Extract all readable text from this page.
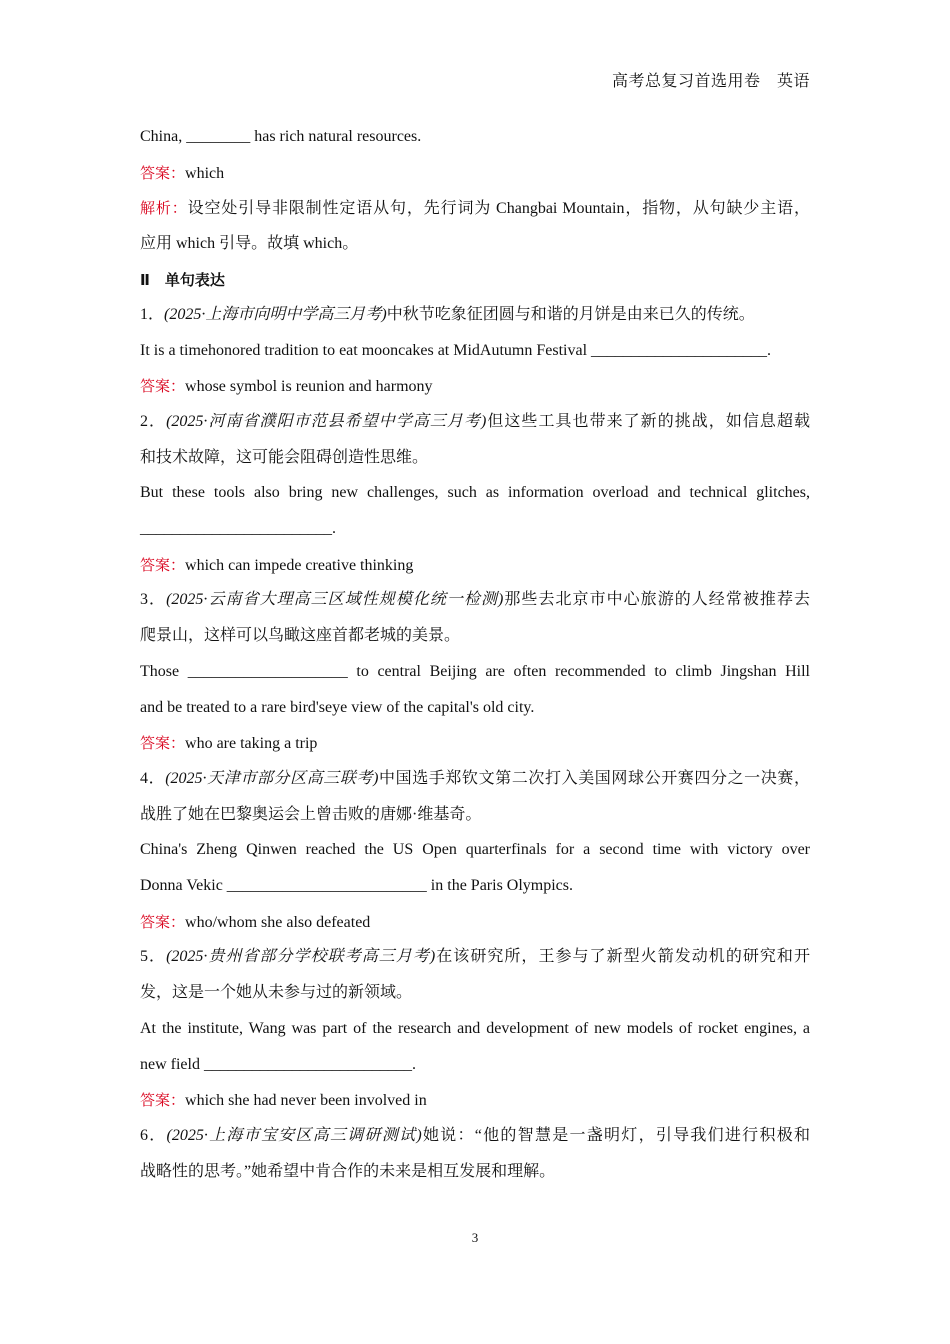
高考总复习首选用卷　英语
China, ________ has rich natural resources.
答案：which
解析：设空处引导非限制性定语从句，先行词为 Changbai Mountain，指物，从句缺少主语，
应用 which 引导。故填 which。
Ⅱ　单句表达
1．(2025·上海市向明中学高三月考)中秋节吃象征团圆与和谐的月饼是由来已久的传统。
It is a timehonored tradition to eat mooncakes at MidAutumn Festival ______________________.
答案：whose symbol is reunion and harmony
2．(2025·河南省濮阳市范县希望中学高三月考)但这些工具也带来了新的挑战，如信息超载
和技术故障，这可能会阻碍创造性思维。
But these tools also bring new challenges, such as information overload and technical glitches,
________________________.
答案：which can impede creative thinking
3．(2025·云南省大理高三区域性规模化统一检测)那些去北京市中心旅游的人经常被推荐去
爬景山，这样可以鸟瞰这座首都老城的美景。
Those ____________________ to central Beijing are often recommended to climb Jingshan Hill
and be treated to a rare bird'seye view of the capital's old city.
答案：who are taking a trip
4．(2025·天津市部分区高三联考)中国选手郑钦文第二次打入美国网球公开赛四分之一决赛，
战胜了她在巴黎奥运会上曾击败的唐娜·维基奇。
China's Zheng Qinwen reached the US Open quarterfinals for a second time with victory over
Donna Vekic _________________________ in the Paris Olympics.
答案：who/whom she also defeated
5．(2025·贵州省部分学校联考高三月考)在该研究所，王参与了新型火箭发动机的研究和开
发，这是一个她从未参与过的新领域。
At the institute, Wang was part of the research and development of new models of rocket engines, a
new field __________________________.
答案：which she had never been involved in
6．(2025·上海市宝安区高三调研测试)她说：“他的智慧是一盏明灯，引导我们进行积极和
战略性的思考。”她希望中肯合作的未来是相互发展和理解。
3
